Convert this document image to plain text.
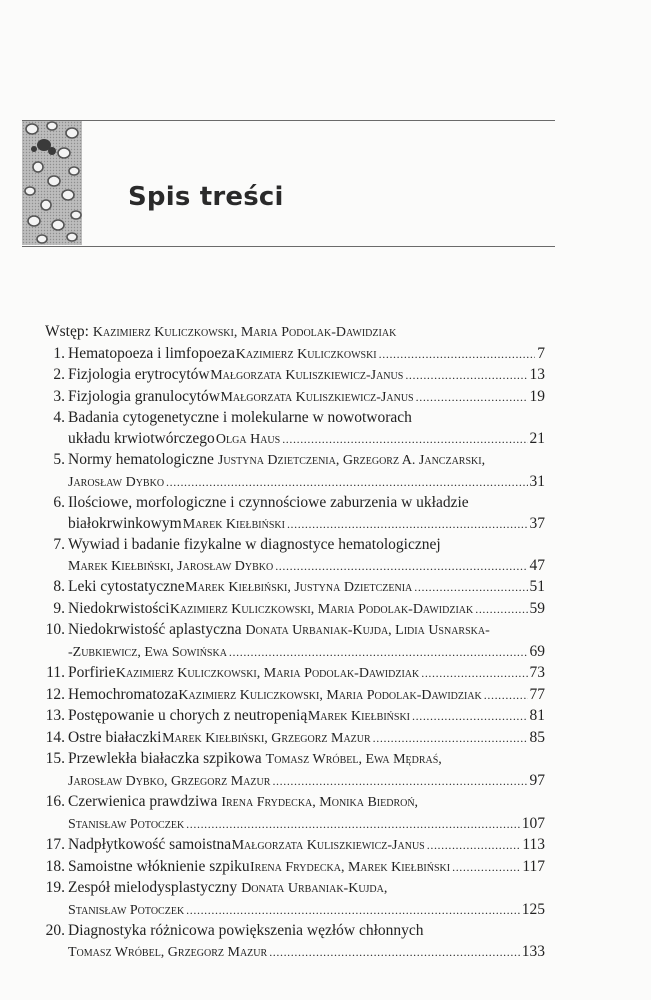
Spis treści
Wstęp: Kazimierz Kuliczkowski, Maria Podolak-Dawidziak
1. Hematopoeza i limfopoeza Kazimierz Kuliczkowski .....	7
2. Fizjologia erytrocytów Małgorzata Kuliszkiewicz-Janus .....	13
3. Fizjologia granulocytów Małgorzata Kuliszkiewicz-Janus .....	19
4. Badania cytogenetyczne i molekularne w nowotworach
układu krwiotwórczego Olga Haus .....	21
5. Normy hematologiczne Justyna Dzietczenia, Grzegorz A. Janczarski,
Jarosław Dybko .....	31
6. Ilościowe, morfologiczne i czynnościowe zaburzenia w układzie
białokrwinkowym Marek Kiełbiński .....	37
7. Wywiad i badanie fizykalne w diagnostyce hematologicznej
Marek Kiełbiński, Jarosław Dybko .....	47
8. Leki cytostatyczne Marek Kiełbiński, Justyna Dzietczenia .....	51
9. Niedokrwistości Kazimierz Kuliczkowski, Maria Podolak-Dawidziak .....	59
10. Niedokrwistość aplastyczna Donata Urbaniak-Kujda, Lidia Usnarska-
-Zubkiewicz, Ewa Sowińska .....	69
11. Porfirie Kazimierz Kuliczkowski, Maria Podolak-Dawidziak .....	73
12. Hemochromatoza Kazimierz Kuliczkowski, Maria Podolak-Dawidziak .....	77
13. Postępowanie u chorych z neutropenią Marek Kiełbiński .....	81
14. Ostre białaczki Marek Kiełbiński, Grzegorz Mazur .....	85
15. Przewlekła białaczka szpikowa Tomasz Wróbel, Ewa Mędraś,
Jarosław Dybko, Grzegorz Mazur .....	97
16. Czerwienica prawdziwa Irena Frydecka, Monika Biedroń,
Stanisław Potoczek .....	107
17. Nadpłytkowość samoistna Małgorzata Kuliszkiewicz-Janus .....	113
18. Samoistne włóknienie szpiku Irena Frydecka, Marek Kiełbiński .....	117
19. Zespół mielodysplastyczny Donata Urbaniak-Kujda,
Stanisław Potoczek .....	125
20. Diagnostyka różnicowa powiększenia węzłów chłonnych
Tomasz Wróbel, Grzegorz Mazur .....	133
